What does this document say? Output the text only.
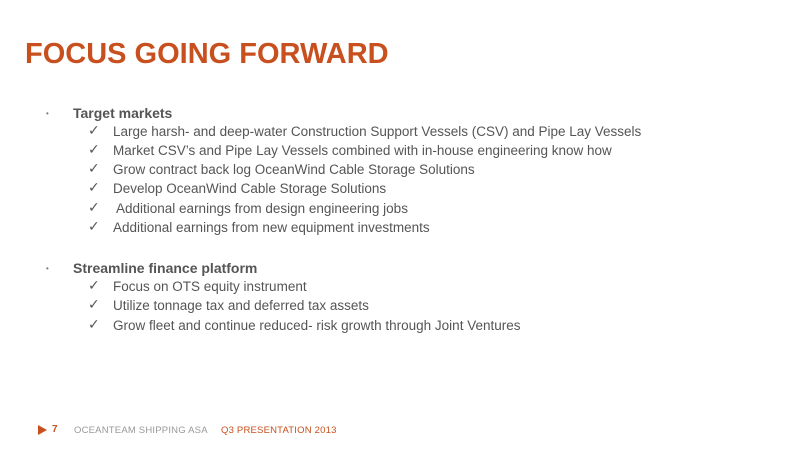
FOCUS GOING FORWARD
• Target markets
✓ Large harsh- and deep-water Construction Support Vessels (CSV) and Pipe Lay Vessels
✓ Market CSV’s and Pipe Lay Vessels combined with in-house engineering know how
✓ Grow contract back log OceanWind Cable Storage Solutions
✓ Develop OceanWind Cable Storage Solutions
✓ Additional earnings from design engineering jobs
✓ Additional earnings from new equipment investments
• Streamline finance platform
✓ Focus on OTS equity instrument
✓ Utilize tonnage tax and deferred tax assets
✓ Grow fleet and continue reduced- risk growth through Joint Ventures
7 OCEANTEAM SHIPPING ASA Q3 PRESENTATION 2013
